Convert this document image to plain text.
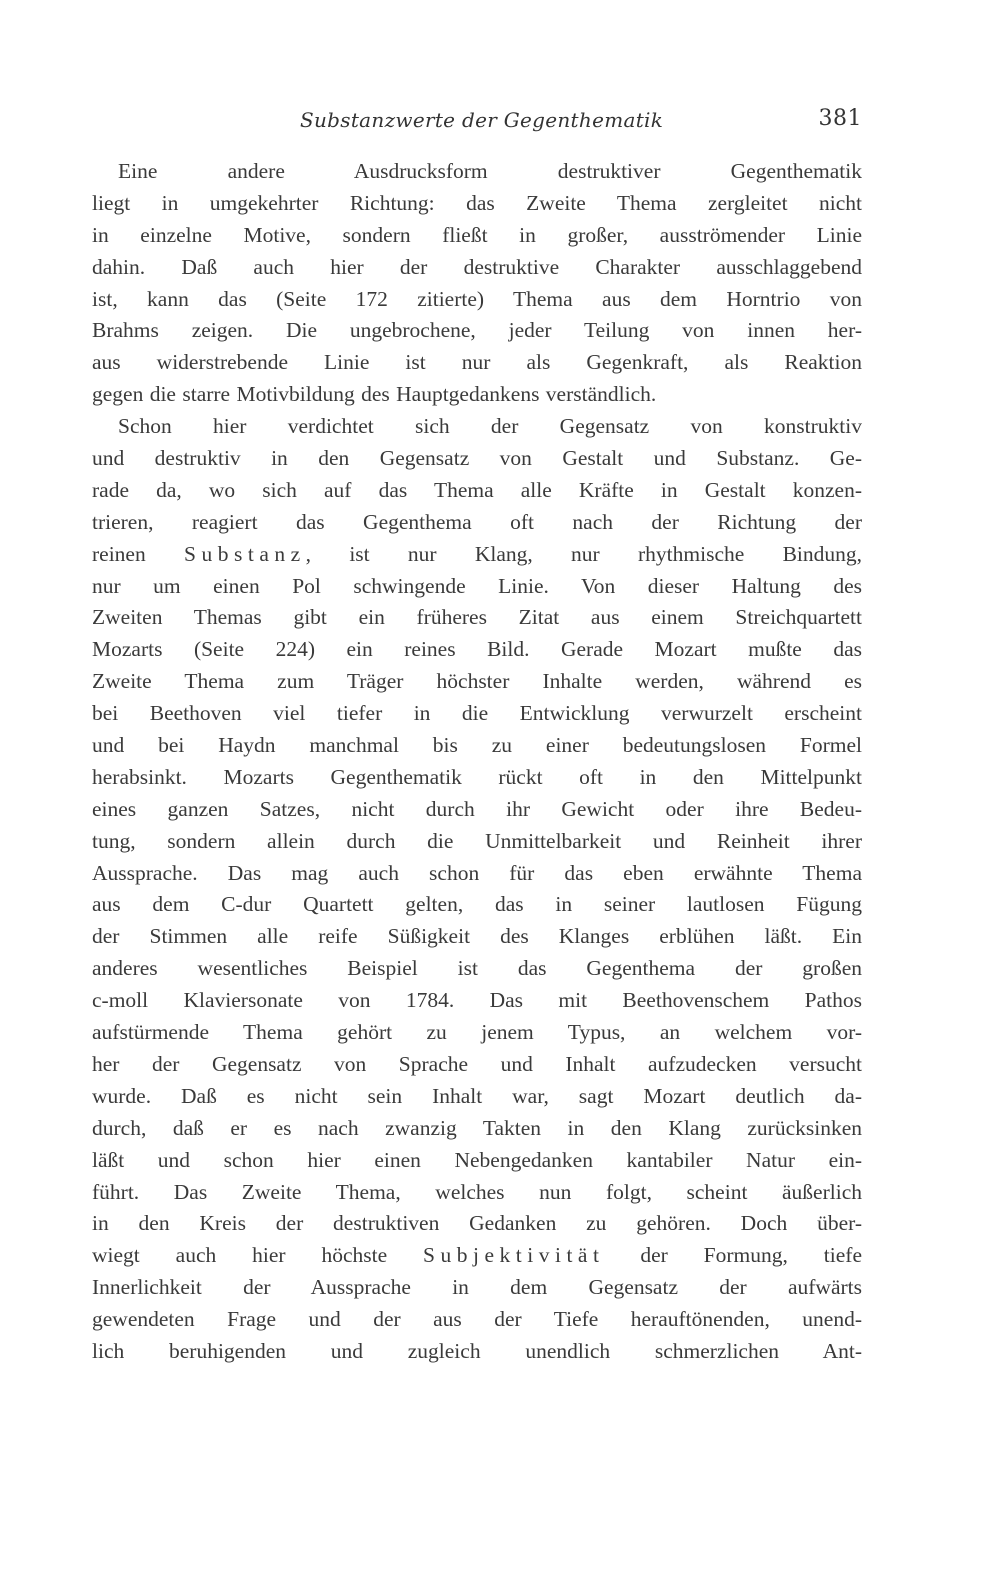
Substanzwerte der Gegenthematik	381
Eine andere Ausdrucksform destruktiver Gegenthematik
liegt in umgekehrter Richtung: das Zweite Thema zergleitet nicht
in einzelne Motive, sondern fließt in großer, ausströmender Linie
dahin. Daß auch hier der destruktive Charakter ausschlaggebend
ist, kann das (Seite 172 zitierte) Thema aus dem Horntrio von
Brahms zeigen. Die ungebrochene, jeder Teilung von innen her-
aus widerstrebende Linie ist nur als Gegenkraft, als Reaktion
gegen die starre Motivbildung des Hauptgedankens verständlich.
Schon hier verdichtet sich der Gegensatz von konstruktiv
und destruktiv in den Gegensatz von Gestalt und Substanz. Ge-
rade da, wo sich auf das Thema alle Kräfte in Gestalt konzen-
trieren, reagiert das Gegenthema oft nach der Richtung der
reinen Substanz, ist nur Klang, nur rhythmische Bindung,
nur um einen Pol schwingende Linie. Von dieser Haltung des
Zweiten Themas gibt ein früheres Zitat aus einem Streichquartett
Mozarts (Seite 224) ein reines Bild. Gerade Mozart mußte das
Zweite Thema zum Träger höchster Inhalte werden, während es
bei Beethoven viel tiefer in die Entwicklung verwurzelt erscheint
und bei Haydn manchmal bis zu einer bedeutungslosen Formel
herabsinkt. Mozarts Gegenthematik rückt oft in den Mittelpunkt
eines ganzen Satzes, nicht durch ihr Gewicht oder ihre Bedeu-
tung, sondern allein durch die Unmittelbarkeit und Reinheit ihrer
Aussprache. Das mag auch schon für das eben erwähnte Thema
aus dem C-dur Quartett gelten, das in seiner lautlosen Fügung
der Stimmen alle reife Süßigkeit des Klanges erblühen läßt. Ein
anderes wesentliches Beispiel ist das Gegenthema der großen
c-moll Klaviersonate von 1784. Das mit Beethovenschem Pathos
aufstürmende Thema gehört zu jenem Typus, an welchem vor-
her der Gegensatz von Sprache und Inhalt aufzudecken versucht
wurde. Daß es nicht sein Inhalt war, sagt Mozart deutlich da-
durch, daß er es nach zwanzig Takten in den Klang zurücksinken
läßt und schon hier einen Nebengedanken kantabiler Natur ein-
führt. Das Zweite Thema, welches nun folgt, scheint äußerlich
in den Kreis der destruktiven Gedanken zu gehören. Doch über-
wiegt auch hier höchste Subjektivität der Formung, tiefe
Innerlichkeit der Aussprache in dem Gegensatz der aufwärts
gewendeten Frage und der aus der Tiefe herauftönenden, unend-
lich beruhigenden und zugleich unendlich schmerzlichen Ant-
